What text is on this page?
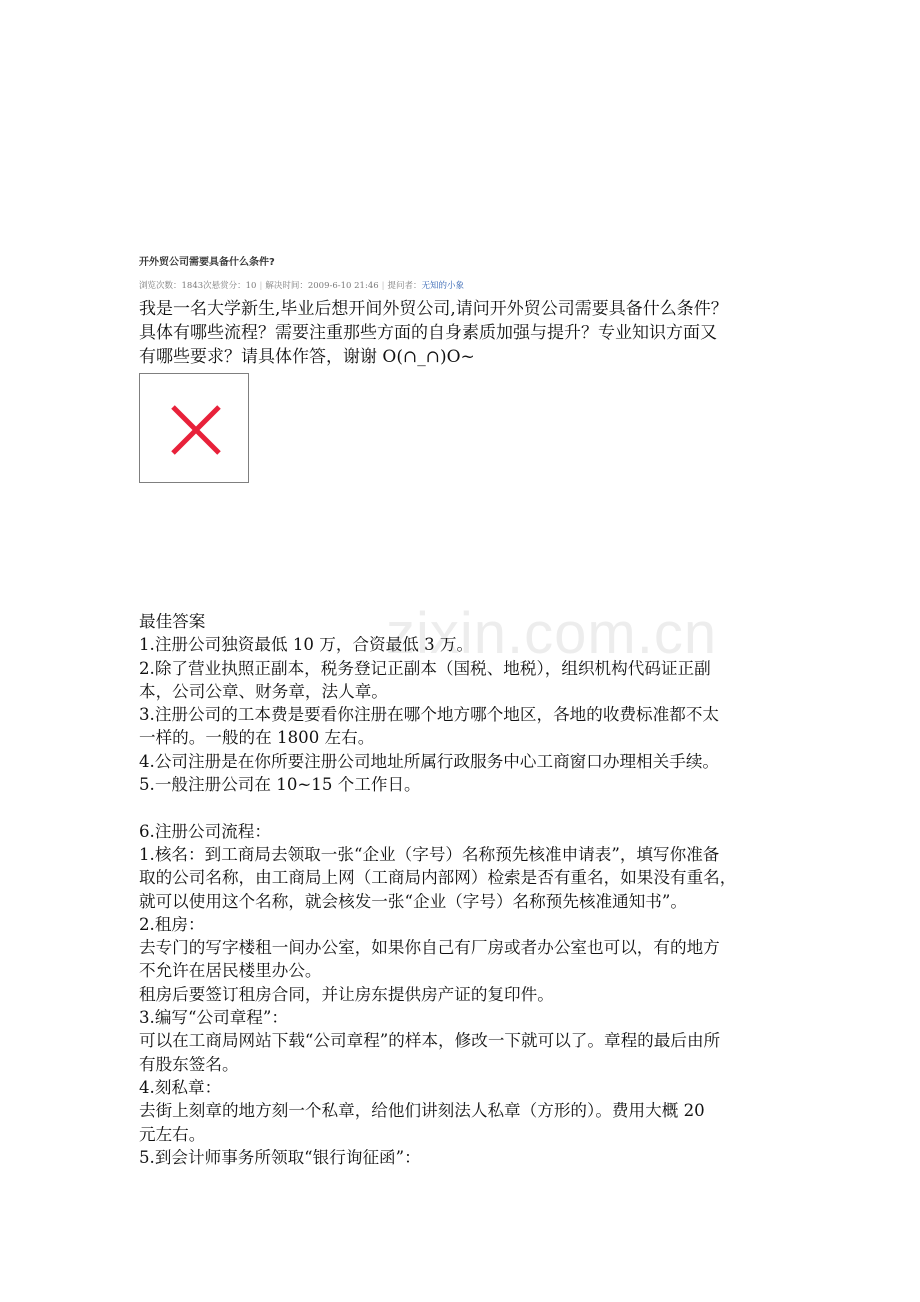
开外贸公司需要具备什么条件?
浏览次数：1843次悬赏分：10 | 解决时间：2009-6-10 21:46 | 提问者：无知的小象

我是一名大学新生,毕业后想开间外贸公司,请问开外贸公司需要具备什么条件？

具体有哪些流程？需要注重那些方面的自身素质加强与提升？专业知识方面又

有哪些要求？请具体作答，谢谢 O(∩_∩)O~

zixin.com.cn

最佳答案

1.注册公司独资最低 10 万，合资最低 3 万。

2.除了营业执照正副本，税务登记正副本（国税、地税），组织机构代码证正副

本，公司公章、财务章，法人章。

3.注册公司的工本费是要看你注册在哪个地方哪个地区，各地的收费标准都不太

一样的。一般的在 1800 左右。

4.公司注册是在你所要注册公司地址所属行政服务中心工商窗口办理相关手续。

5.一般注册公司在 10~15 个工作日。

6.注册公司流程：

1.核名：到工商局去领取一张“企业（字号）名称预先核准申请表”，填写你准备

取的公司名称，由工商局上网（工商局内部网）检索是否有重名，如果没有重名，

就可以使用这个名称，就会核发一张“企业（字号）名称预先核准通知书”。

2.租房：

去专门的写字楼租一间办公室，如果你自己有厂房或者办公室也可以，有的地方

不允许在居民楼里办公。

租房后要签订租房合同，并让房东提供房产证的复印件。

3.编写“公司章程”：

可以在工商局网站下载“公司章程”的样本，修改一下就可以了。章程的最后由所

有股东签名。

4.刻私章：

去街上刻章的地方刻一个私章，给他们讲刻法人私章（方形的）。费用大概 20

元左右。

5.到会计师事务所领取“银行询征函”：
